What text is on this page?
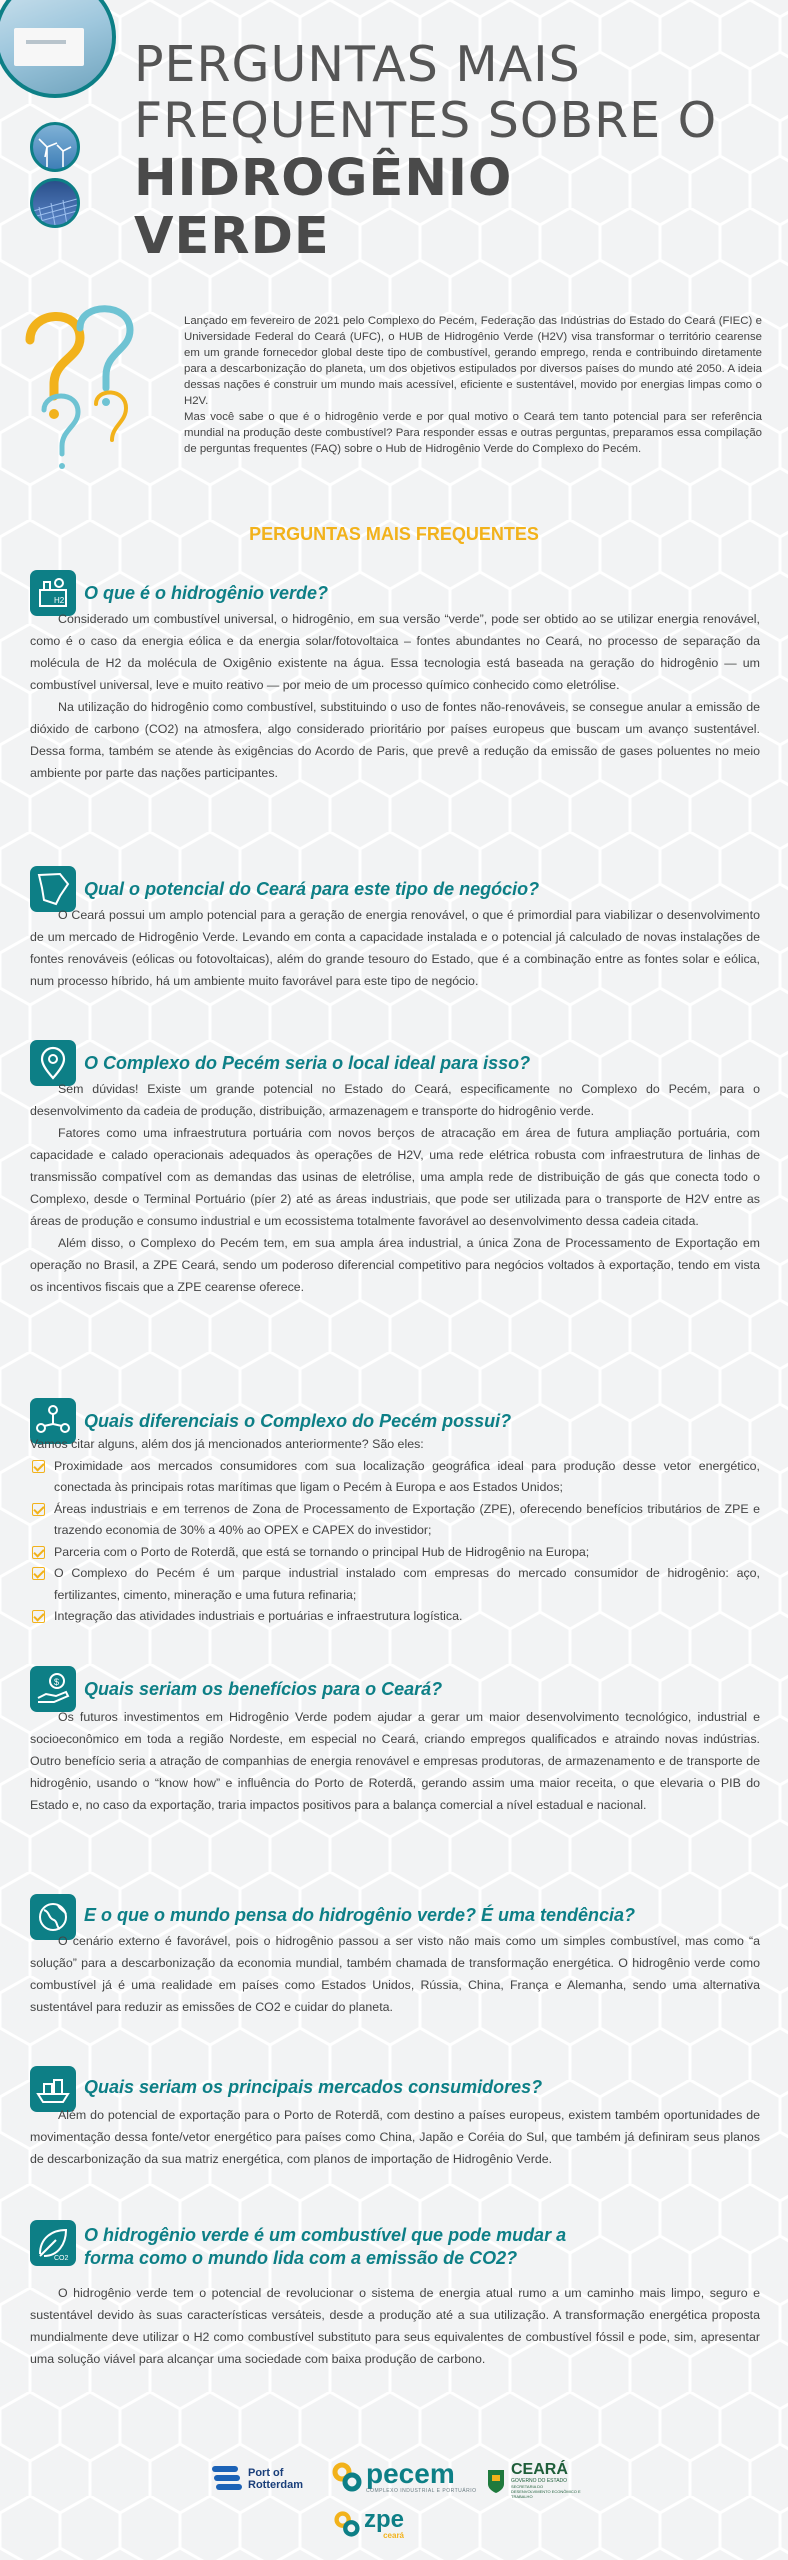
PERGUNTAS MAIS
FREQUENTES SOBRE O
HIDROGÊNIO
VERDE

Lançado em fevereiro de 2021 pelo Complexo do Pecém, Federação das Indústrias do Estado do Ceará (FIEC) e Universidade Federal do Ceará (UFC), o HUB de Hidrogênio Verde (H2V) visa transformar o território cearense em um grande fornecedor global deste tipo de combustível, gerando emprego, renda e contribuindo diretamente para a descarbonização do planeta, um dos objetivos estipulados por diversos países do mundo até 2050. A ideia dessas nações é construir um mundo mais acessível, eficiente e sustentável, movido por energias limpas como o H2V.

Mas você sabe o que é o hidrogênio verde e por qual motivo o Ceará tem tanto potencial para ser referência mundial na produção deste combustível? Para responder essas e outras perguntas, preparamos essa compilação de perguntas frequentes (FAQ) sobre o Hub de Hidrogênio Verde do Complexo do Pecém.

PERGUNTAS MAIS FREQUENTES
H2 O que é o hidrogênio verde?

Considerado um combustível universal, o hidrogênio, em sua versão “verde”, pode ser obtido ao se utilizar energia renovável, como é o caso da energia eólica e da energia solar/fotovoltaica – fontes abundantes no Ceará, no processo de separação da molécula de H2 da molécula de Oxigênio existente na água. Essa tecnologia está baseada na geração do hidrogênio — um combustível universal, leve e muito reativo — por meio de um processo químico conhecido como eletrólise.

Na utilização do hidrogênio como combustível, substituindo o uso de fontes não-renováveis, se consegue anular a emissão de dióxido de carbono (CO2) na atmosfera, algo considerado prioritário por países europeus que buscam um avanço sustentável. Dessa forma, também se atende às exigências do Acordo de Paris, que prevê a redução da emissão de gases poluentes no meio ambiente por parte das nações participantes.

Qual o potencial do Ceará para este tipo de negócio?

O Ceará possui um amplo potencial para a geração de energia renovável, o que é primordial para viabilizar o desenvolvimento de um mercado de Hidrogênio Verde. Levando em conta a capacidade instalada e o potencial já calculado de novas instalações de fontes renováveis (eólicas ou fotovoltaicas), além do grande tesouro do Estado, que é a combinação entre as fontes solar e eólica, num processo híbrido, há um ambiente muito favorável para este tipo de negócio.

O Complexo do Pecém seria o local ideal para isso?

Sem dúvidas! Existe um grande potencial no Estado do Ceará, especificamente no Complexo do Pecém, para o desenvolvimento da cadeia de produção, distribuição, armazenagem e transporte do hidrogênio verde.

Fatores como uma infraestrutura portuária com novos berços de atracação em área de futura ampliação portuária, com capacidade e calado operacionais adequados às operações de H2V, uma rede elétrica robusta com infraestrutura de linhas de transmissão compatível com as demandas das usinas de eletrólise, uma ampla rede de distribuição de gás que conecta todo o Complexo, desde o Terminal Portuário (píer 2) até as áreas industriais, que pode ser utilizada para o transporte de H2V entre as áreas de produção e consumo industrial e um ecossistema totalmente favorável ao desenvolvimento dessa cadeia citada.

Além disso, o Complexo do Pecém tem, em sua ampla área industrial, a única Zona de Processamento de Exportação em operação no Brasil, a ZPE Ceará, sendo um poderoso diferencial competitivo para negócios voltados à exportação, tendo em vista os incentivos fiscais que a ZPE cearense oferece.

Quais diferenciais o Complexo do Pecém possui?

Vamos citar alguns, além dos já mencionados anteriormente? São eles:

Proximidade aos mercados consumidores com sua localização geográfica ideal para produção desse vetor energético, conectada às principais rotas marítimas que ligam o Pecém à Europa e aos Estados Unidos;
Áreas industriais e em terrenos de Zona de Processamento de Exportação (ZPE), oferecendo benefícios tributários de ZPE e trazendo economia de 30% a 40% ao OPEX e CAPEX do investidor;
Parceria com o Porto de Roterdã, que está se tornando o principal Hub de Hidrogênio na Europa;
O Complexo do Pecém é um parque industrial instalado com empresas do mercado consumidor de hidrogênio: aço, fertilizantes, cimento, mineração e uma futura refinaria;
Integração das atividades industriais e portuárias e infraestrutura logística.
$ Quais seriam os benefícios para o Ceará?

Os futuros investimentos em Hidrogênio Verde podem ajudar a gerar um maior desenvolvimento tecnológico, industrial e socioeconômico em toda a região Nordeste, em especial no Ceará, criando empregos qualificados e atraindo novas indústrias. Outro benefício seria a atração de companhias de energia renovável e empresas produtoras, de armazenamento e de transporte de hidrogênio, usando o “know how” e influência do Porto de Roterdã, gerando assim uma maior receita, o que elevaria o PIB do Estado e, no caso da exportação, traria impactos positivos para a balança comercial a nível estadual e nacional.

E o que o mundo pensa do hidrogênio verde? É uma tendência?

O cenário externo é favorável, pois o hidrogênio passou a ser visto não mais como um simples combustível, mas como “a solução” para a descarbonização da economia mundial, também chamada de transformação energética. O hidrogênio verde como combustível já é uma realidade em países como Estados Unidos, Rússia, China, França e Alemanha, sendo uma alternativa sustentável para reduzir as emissões de CO2 e cuidar do planeta.

Quais seriam os principais mercados consumidores?

Além do potencial de exportação para o Porto de Roterdã, com destino a países europeus, existem também oportunidades de movimentação dessa fonte/vetor energético para países como China, Japão e Coréia do Sul, que também já definiram seus planos de descarbonização da sua matriz energética, com planos de importação de Hidrogênio Verde.

CO2
O hidrogênio verde é um combustível que pode mudar a
forma como o mundo lida com a emissão de CO2?

O hidrogênio verde tem o potencial de revolucionar o sistema de energia atual rumo a um caminho mais limpo, seguro e sustentável devido às suas características versáteis, desde a produção até a sua utilização. A transformação energética proposta mundialmente deve utilizar o H2 como combustível substituto para seus equivalentes de combustível fóssil e pode, sim, apresentar uma solução viável para alcançar uma sociedade com baixa produção de carbono.

Port of
Rotterdam pecem
COMPLEXO INDUSTRIAL E PORTUÁRIO
CEARÁ
GOVERNO DO ESTADO
SECRETARIA DO DESENVOLVIMENTO ECONÔMICO E TRABALHO
zpe
ceará
